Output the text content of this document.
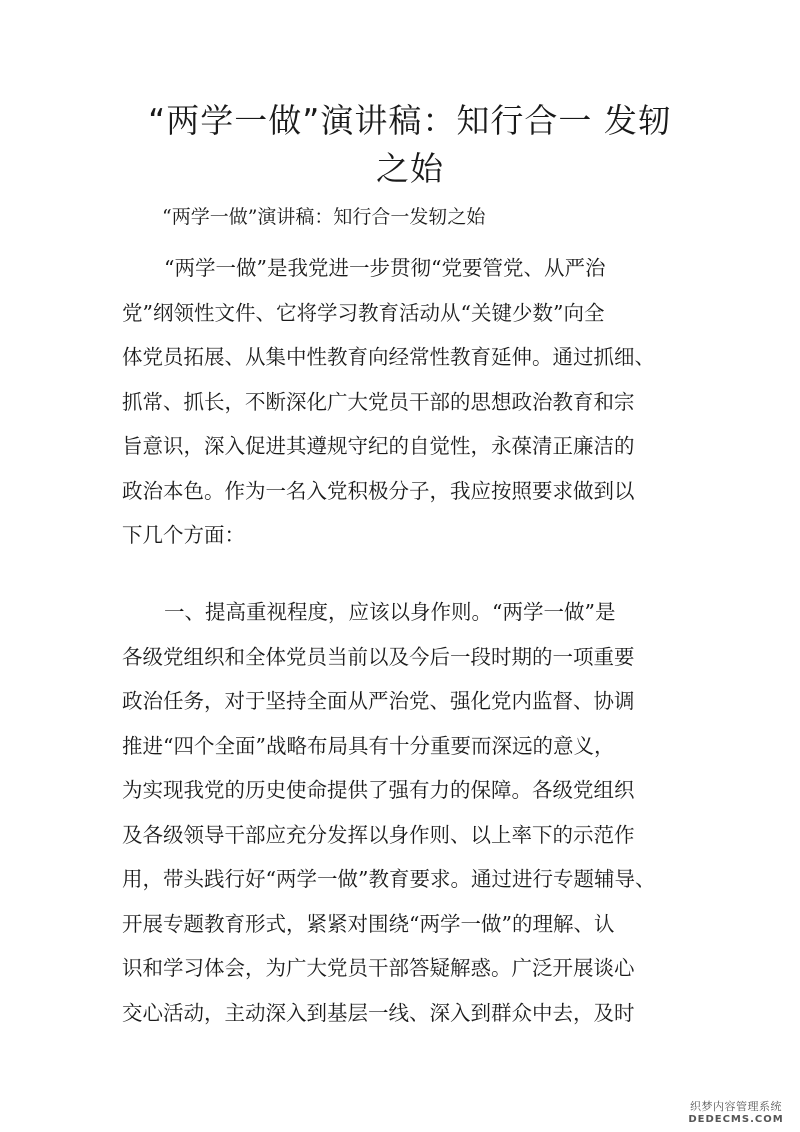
“两学一做”演讲稿：知行合一 发轫
之始

“两学一做”演讲稿：知行合一发轫之始

“两学一做”是我党进一步贯彻“党要管党、从严治
党”纲领性文件、它将学习教育活动从“关键少数”向全
体党员拓展、从集中性教育向经常性教育延伸。通过抓细、
抓常、抓长，不断深化广大党员干部的思想政治教育和宗
旨意识，深入促进其遵规守纪的自觉性，永葆清正廉洁的
政治本色。作为一名入党积极分子，我应按照要求做到以
下几个方面：

一、提高重视程度，应该以身作则。“两学一做”是
各级党组织和全体党员当前以及今后一段时期的一项重要
政治任务，对于坚持全面从严治党、强化党内监督、协调
推进“四个全面”战略布局具有十分重要而深远的意义，
为实现我党的历史使命提供了强有力的保障。各级党组织
及各级领导干部应充分发挥以身作则、以上率下的示范作
用，带头践行好“两学一做”教育要求。通过进行专题辅导、
开展专题教育形式，紧紧对围绕“两学一做”的理解、认
识和学习体会，为广大党员干部答疑解惑。广泛开展谈心
交心活动，主动深入到基层一线、深入到群众中去，及时

织梦内容管理系统
DEDECMS.COM
